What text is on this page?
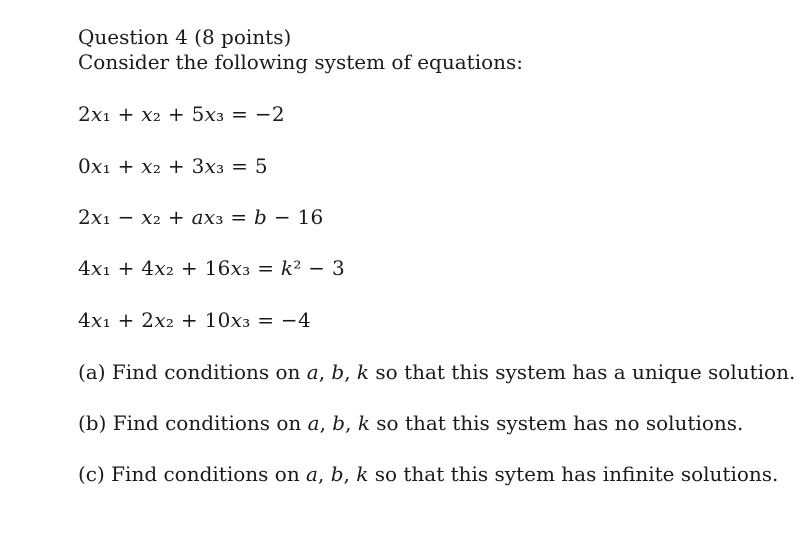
Question 4 (8 points)
Consider the following system of equations:
2𝑥₁ + 𝑥₂ + 5𝑥₃ = −2
0𝑥₁ + 𝑥₂ + 3𝑥₃ = 5
2𝑥₁ − 𝑥₂ + 𝑎𝑥₃ = 𝑏 − 16
4𝑥₁ + 4𝑥₂ + 16𝑥₃ = 𝑘² − 3
4𝑥₁ + 2𝑥₂ + 10𝑥₃ = −4
(a) Find conditions on 𝑎, 𝑏, 𝑘 so that this system has a unique solution.
(b) Find conditions on 𝑎, 𝑏, 𝑘 so that this system has no solutions.
(c) Find conditions on 𝑎, 𝑏, 𝑘 so that this sytem has infinite solutions.
